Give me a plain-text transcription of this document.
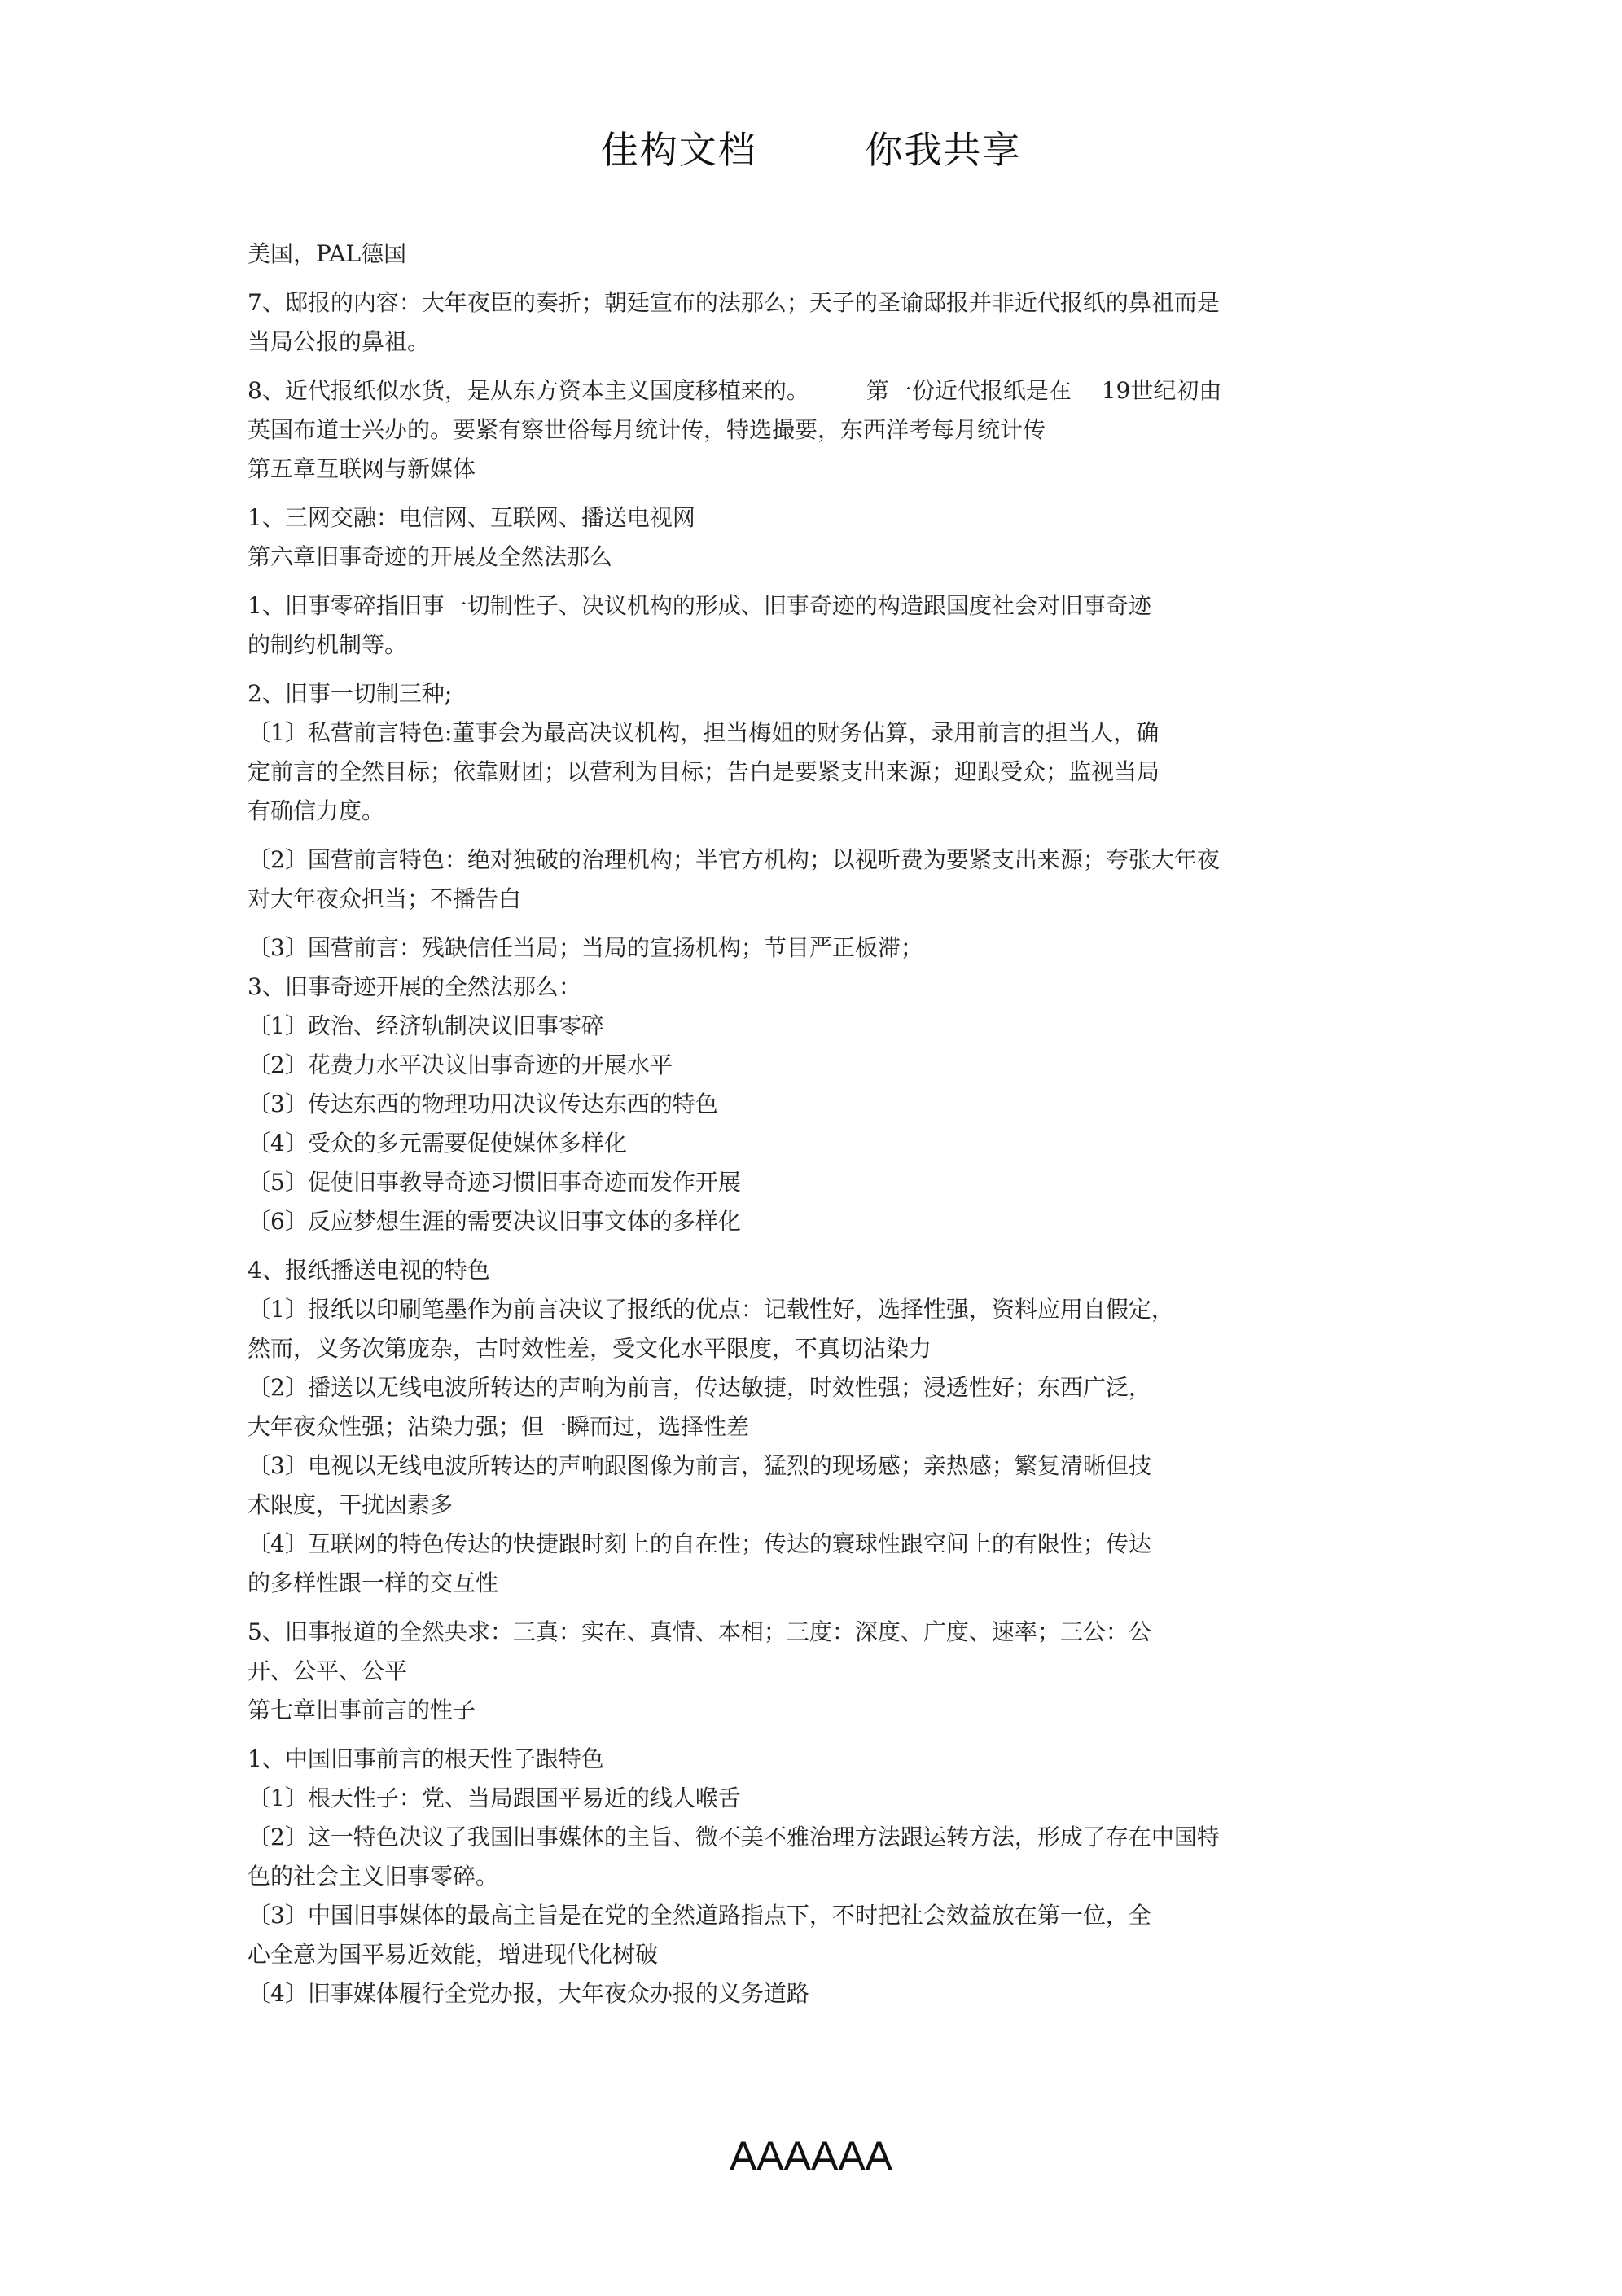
佳构文档	你我共享
美国，PAL德国
7、邸报的内容：大年夜臣的奏折；朝廷宣布的法那么；天子的圣谕邸报并非近代报纸的鼻祖而是
当局公报的鼻祖。
8、近代报纸似水货，是从东方资本主义国度移植来的。　　　第一份近代报纸是在　 19世纪初由
英国布道士兴办的。要紧有察世俗每月统计传，特选撮要，东西洋考每月统计传
第五章互联网与新媒体
1、三网交融：电信网、互联网、播送电视网
第六章旧事奇迹的开展及全然法那么
1、旧事零碎指旧事一切制性子、决议机构的形成、旧事奇迹的构造跟国度社会对旧事奇迹
的制约机制等。
2、旧事一切制三种;
〔1〕私营前言特色:董事会为最高决议机构，担当梅姐的财务估算，录用前言的担当人，确
定前言的全然目标；依靠财团；以营利为目标；告白是要紧支出来源；迎跟受众；监视当局
有确信力度。
〔2〕国营前言特色：绝对独破的治理机构；半官方机构；以视听费为要紧支出来源；夸张大年夜
对大年夜众担当；不播告白
〔3〕国营前言：残缺信任当局；当局的宣扬机构；节目严正板滞；
3、旧事奇迹开展的全然法那么：
〔1〕政治、经济轨制决议旧事零碎
〔2〕花费力水平决议旧事奇迹的开展水平
〔3〕传达东西的物理功用决议传达东西的特色
〔4〕受众的多元需要促使媒体多样化
〔5〕促使旧事教导奇迹习惯旧事奇迹而发作开展
〔6〕反应梦想生涯的需要决议旧事文体的多样化
4、报纸播送电视的特色
〔1〕报纸以印刷笔墨作为前言决议了报纸的优点：记载性好，选择性强，资料应用自假定，
然而，义务次第庞杂，古时效性差，受文化水平限度，不真切沾染力
〔2〕播送以无线电波所转达的声响为前言，传达敏捷，时效性强；浸透性好；东西广泛，
大年夜众性强；沾染力强；但一瞬而过，选择性差
〔3〕电视以无线电波所转达的声响跟图像为前言，猛烈的现场感；亲热感；繁复清晰但技
术限度，干扰因素多
〔4〕互联网的特色传达的快捷跟时刻上的自在性；传达的寰球性跟空间上的有限性；传达
的多样性跟一样的交互性
5、旧事报道的全然央求：三真：实在、真情、本相；三度：深度、广度、速率；三公：公
开、公平、公平
第七章旧事前言的性子
1、中国旧事前言的根天性子跟特色
〔1〕根天性子：党、当局跟国平易近的线人喉舌
〔2〕这一特色决议了我国旧事媒体的主旨、微不美不雅治理方法跟运转方法，形成了存在中国特
色的社会主义旧事零碎。
〔3〕中国旧事媒体的最高主旨是在党的全然道路指点下，不时把社会效益放在第一位，全
心全意为国平易近效能，增进现代化树破
〔4〕旧事媒体履行全党办报，大年夜众办报的义务道路
AAAAAA
